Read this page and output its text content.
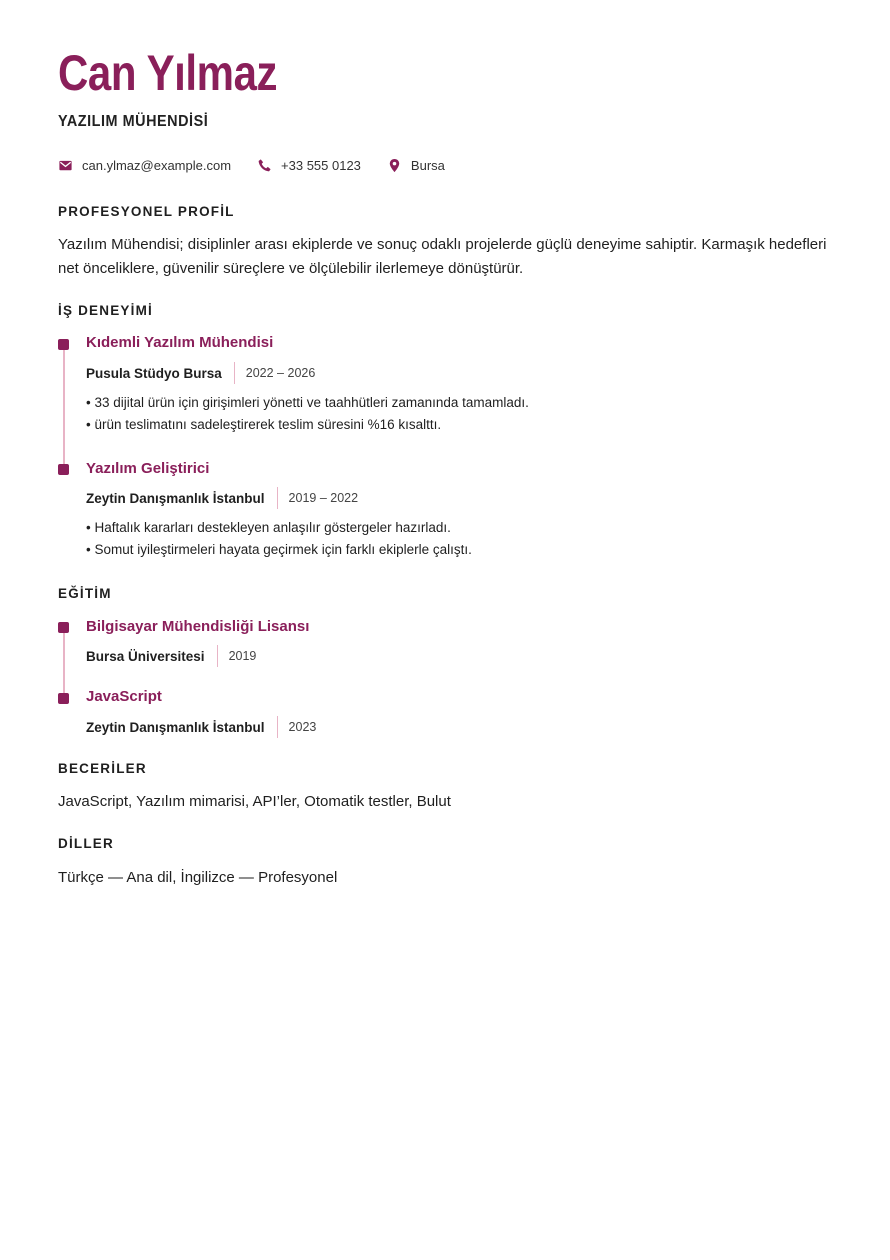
Can Yılmaz
YAZILIM MÜHENDİSİ
can.ylmaz@example.com	+33 555 0123	Bursa
PROFESYONEL PROFİL
Yazılım Mühendisi; disiplinler arası ekiplerde ve sonuç odaklı projelerde güçlü deneyime sahiptir. Karmaşık hedefleri net önceliklere, güvenilir süreçlere ve ölçülebilir ilerlemeye dönüştürür.
İŞ DENEYİMİ
Kıdemli Yazılım Mühendisi
Pusula Stüdyo Bursa 2022 – 2026
• 33 dijital ürün için girişimleri yönetti ve taahhütleri zamanında tamamladı.
• ürün teslimatını sadeleştirerek teslim süresini %16 kısalttı.
Yazılım Geliştirici
Zeytin Danışmanlık İstanbul 2019 – 2022
• Haftalık kararları destekleyen anlaşılır göstergeler hazırladı.
• Somut iyileştirmeleri hayata geçirmek için farklı ekiplerle çalıştı.
EĞİTİM
Bilgisayar Mühendisliği Lisansı
Bursa Üniversitesi 2019
JavaScript
Zeytin Danışmanlık İstanbul 2023
BECERİLER
JavaScript, Yazılım mimarisi, API’ler, Otomatik testler, Bulut
DİLLER
Türkçe — Ana dil, İngilizce — Profesyonel
